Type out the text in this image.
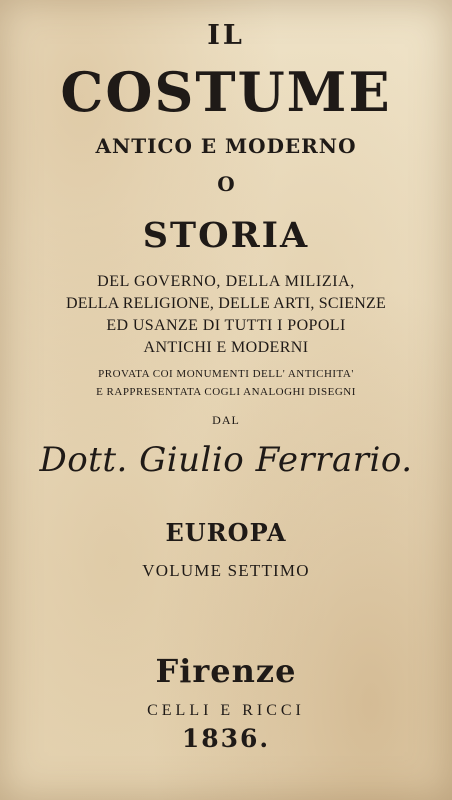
IL

COSTUME

ANTICO E MODERNO

O

STORIA

DEL GOVERNO, DELLA MILIZIA,

DELLA RELIGIONE, DELLE ARTI, SCIENZE

ED USANZE DI TUTTI I POPOLI

ANTICHI E MODERNI

PROVATA COI MONUMENTI DELL' ANTICHITA'

E RAPPRESENTATA COGLI ANALOGHI DISEGNI

DAL

Dott. Giulio Ferrario.

EUROPA

VOLUME SETTIMO

Firenze

CELLI E RICCI

1836.
